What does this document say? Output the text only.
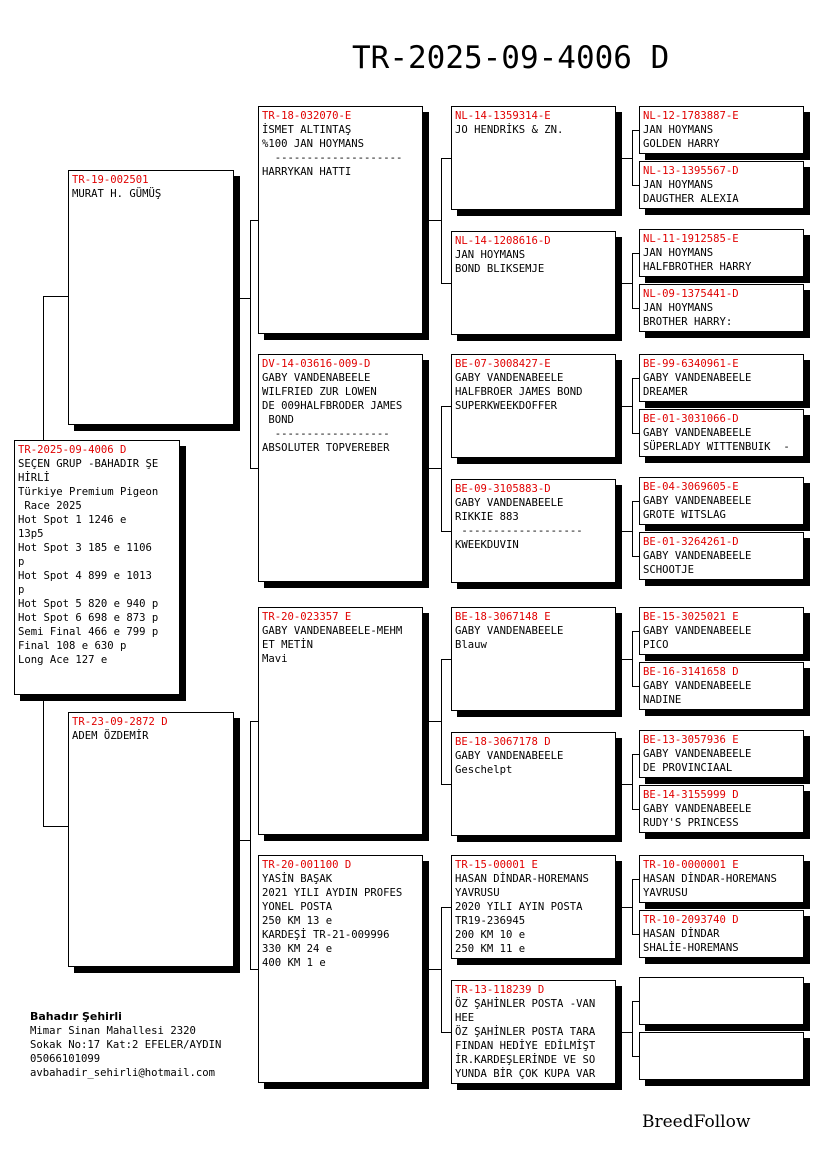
TR-2025-09-4006 D
TR-19-002501
MURAT H. GÜMÜŞ
TR-23-09-2872 D
ADEM ÖZDEMİR
TR-2025-09-4006 D
SEÇEN GRUP -BAHADIR ŞE
HİRLİ
Türkiye Premium Pigeon
Race 2025
Hot Spot 1 1246 e
13p5
Hot Spot 3 185 e 1106
p
Hot Spot 4 899 e 1013
p
Hot Spot 5 820 e 940 p
Hot Spot 6 698 e 873 p
Semi Final 466 e 799 p
Final 108 e 630 p
Long Ace 127 e
TR-18-032070-E
İSMET ALTINTAŞ
%100 JAN HOYMANS
--------------------
HARRYKAN HATTI
DV-14-03616-009-D
GABY VANDENABEELE
WILFRIED ZUR LOWEN
DE 009HALFBRODER JAMES
BOND
------------------
ABSOLUTER TOPVEREBER
TR-20-023357 E
GABY VANDENABEELE-MEHM
ET METİN
Mavi
TR-20-001100 D
YASİN BAŞAK
2021 YILI AYDIN PROFES
YONEL POSTA
250 KM 13 e
KARDEŞİ TR-21-009996
330 KM 24 e
400 KM 1 e
NL-14-1359314-E
JO HENDRİKS & ZN.
NL-14-1208616-D
JAN HOYMANS
BOND BLIKSEMJE
BE-07-3008427-E
GABY VANDENABEELE
HALFBROER JAMES BOND
SUPERKWEEKDOFFER
BE-09-3105883-D
GABY VANDENABEELE
RIKKIE 883
-------------------
KWEEKDUVIN
BE-18-3067148 E
GABY VANDENABEELE
Blauw
BE-18-3067178 D
GABY VANDENABEELE
Geschelpt
TR-15-00001 E
HASAN DİNDAR-HOREMANS
YAVRUSU
2020 YILI AYIN POSTA
TR19-236945
200 KM 10 e
250 KM 11 e
TR-13-118239 D
ÖZ ŞAHİNLER POSTA -VAN
HEE
ÖZ ŞAHİNLER POSTA TARA
FINDAN HEDİYE EDİLMİŞT
İR.KARDEŞLERİNDE VE SO
YUNDA BİR ÇOK KUPA VAR
NL-12-1783887-E
JAN HOYMANS
GOLDEN HARRY
NL-13-1395567-D
JAN HOYMANS
DAUGTHER ALEXIA
NL-11-1912585-E
JAN HOYMANS
HALFBROTHER HARRY
NL-09-1375441-D
JAN HOYMANS
BROTHER HARRY:
BE-99-6340961-E
GABY VANDENABEELE
DREAMER
BE-01-3031066-D
GABY VANDENABEELE
SÜPERLADY WITTENBUIK  -
BE-04-3069605-E
GABY VANDENABEELE
GROTE WITSLAG
BE-01-3264261-D
GABY VANDENABEELE
SCHOOTJE
BE-15-3025021 E
GABY VANDENABEELE
PICO
BE-16-3141658 D
GABY VANDENABEELE
NADINE
BE-13-3057936 E
GABY VANDENABEELE
DE PROVINCIAAL
BE-14-3155999 D
GABY VANDENABEELE
RUDY'S PRINCESS
TR-10-0000001 E
HASAN DİNDAR-HOREMANS
YAVRUSU
TR-10-2093740 D
HASAN DİNDAR
SHALİE-HOREMANS
Bahadır Şehirli
Mimar Sinan Mahallesi 2320
Sokak No:17 Kat:2 EFELER/AYDIN
05066101099
avbahadir_sehirli@hotmail.com
BreedFollow
